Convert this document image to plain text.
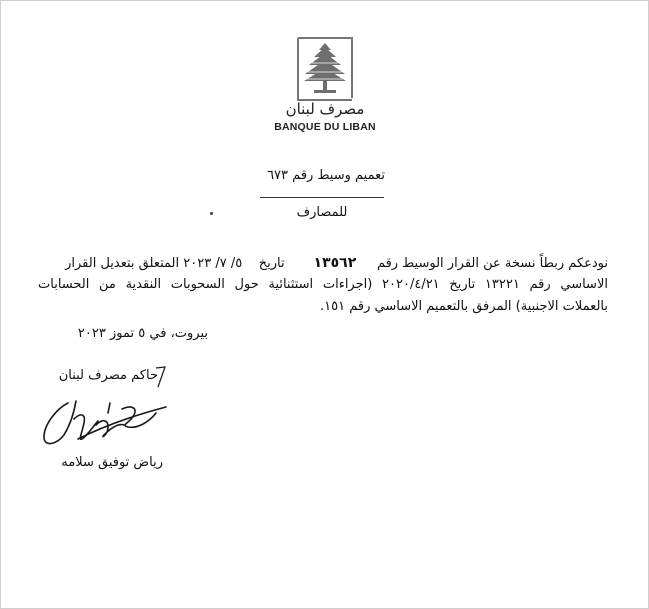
مصرف لبنان
BANQUE DU LIBAN
تعميم وسيط رقم ٦٧٣
للمصارف
نودعكم ربطاً نسخة عن القرار الوسيط رقم     ١٣٥٦٢       تاريخ    ٥/ ٧/ ٢٠٢٣ المتعلق بتعديل القرار
الاساسي رقم ١٣٢٢١ تاريخ ٢٠٢٠/٤/٢١ (اجراءات استثنائية حول السحوبات النقدية من الحسابات
بالعملات الاجنبية) المرفق بالتعميم الاساسي رقم ١٥١.
بيروت، في ٥ تموز ٢٠٢٣
حاكم مصرف لبنان
رياض توفيق سلامه
